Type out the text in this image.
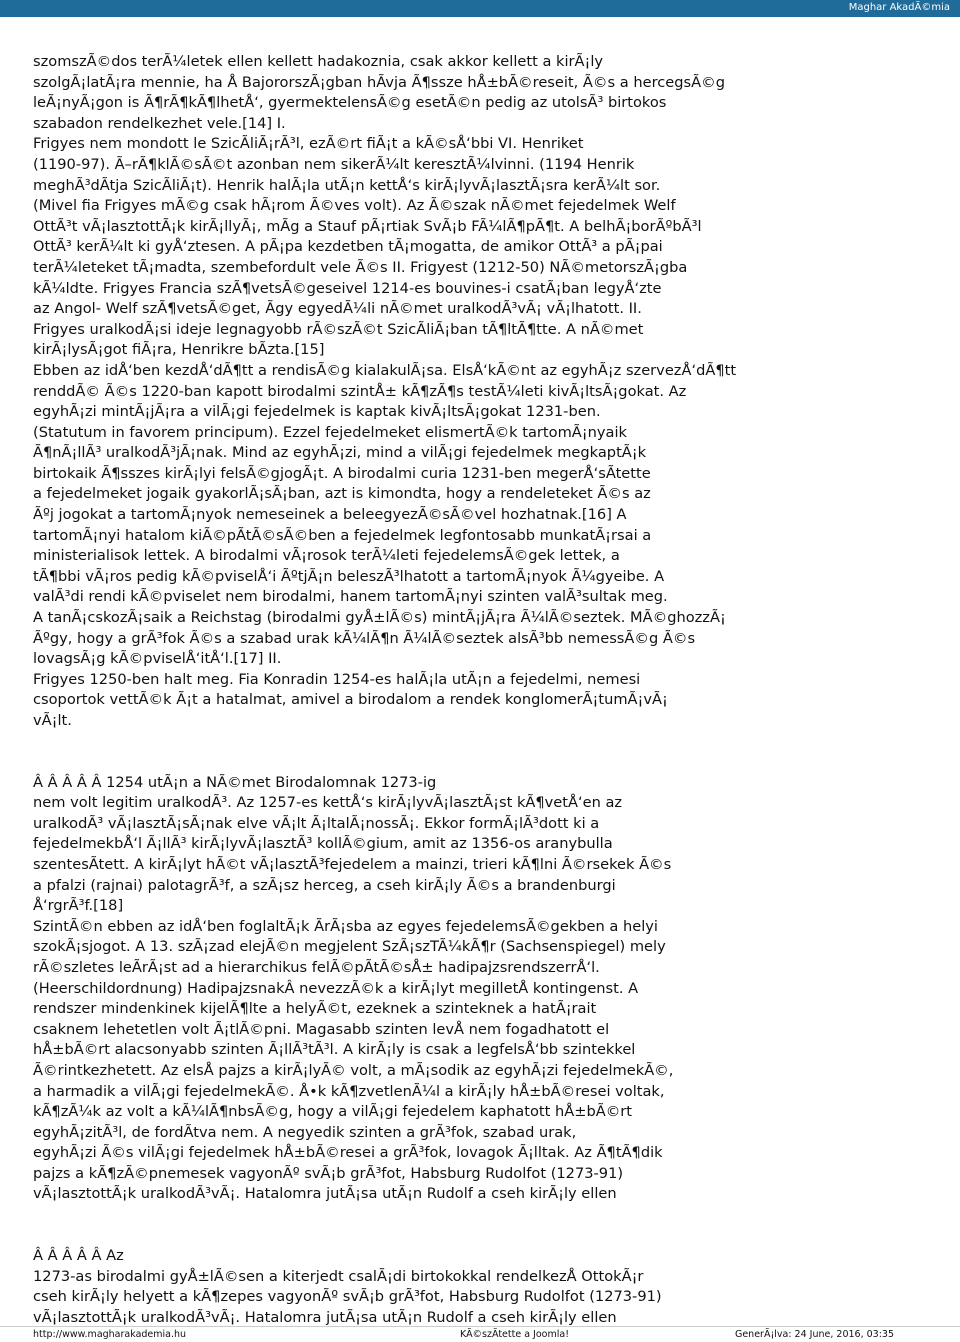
Maghar AkadÃ©mia

szomszÃ©dos terÃ¼letek ellen kellett hadakoznia, csak akkor kellett a kirÃ¡ly
szolgÃ¡latÃ¡ra mennie, ha Å BajororszÃ¡gban hÃvja Ã¶ssze hÅ±bÃ©reseit, Ã©s a hercegsÃ©g
leÃ¡nyÃ¡gon is Ã¶rÃ¶kÃ¶lhetÅ‘, gyermektelensÃ©g esetÃ©n pedig az utolsÃ³ birtokos
szabadon rendelkezhet vele.[14] I.
Frigyes nem mondott le SzicÃliÃ¡rÃ³l, ezÃ©rt fiÃ¡t a kÃ©sÅ‘bbi VI. Henriket
(1190-97). Ã–rÃ¶klÃ©sÃ©t azonban nem sikerÃ¼lt keresztÃ¼lvinni. (1194 Henrik
meghÃ³dÃtja SzicÃliÃ¡t). Henrik halÃ¡la utÃ¡n kettÅ‘s kirÃ¡lyvÃ¡lasztÃ¡sra kerÃ¼lt sor.
(Mivel fia Frigyes mÃ©g csak hÃ¡rom Ã©ves volt). Az Ã©szak nÃ©met fejedelmek Welf
OttÃ³t vÃ¡lasztottÃ¡k kirÃ¡llyÃ¡, mÃg a Stauf pÃ¡rtiak SvÃ¡b FÃ¼lÃ¶pÃ¶t. A belhÃ¡borÃºbÃ³l
OttÃ³ kerÃ¼lt ki gyÅ‘ztesen. A pÃ¡pa kezdetben tÃ¡mogatta, de amikor OttÃ³ a pÃ¡pai
terÃ¼leteket tÃ¡madta, szembefordult vele Ã©s II. Frigyest (1212-50) NÃ©metorszÃ¡gba
kÃ¼ldte. Frigyes Francia szÃ¶vetsÃ©geseivel 1214-es bouvines-i csatÃ¡ban legyÅ‘zte
az Angol- Welf szÃ¶vetsÃ©get, Ãgy egyedÃ¼li nÃ©met uralkodÃ³vÃ¡ vÃ¡lhatott. II.
Frigyes uralkodÃ¡si ideje legnagyobb rÃ©szÃ©t SzicÃliÃ¡ban tÃ¶ltÃ¶tte. A nÃ©met
kirÃ¡lysÃ¡got fiÃ¡ra, Henrikre bÃzta.[15]
Ebben az idÅ‘ben kezdÅ‘dÃ¶tt a rendisÃ©g kialakulÃ¡sa. ElsÅ‘kÃ©nt az egyhÃ¡z szervezÅ‘dÃ¶tt
renddÃ© Ã©s 1220-ban kapott birodalmi szintÅ± kÃ¶zÃ¶s testÃ¼leti kivÃ¡ltsÃ¡gokat. Az
egyhÃ¡zi mintÃ¡jÃ¡ra a vilÃ¡gi fejedelmek is kaptak kivÃ¡ltsÃ¡gokat 1231-ben.
(Statutum in favorem principum). Ezzel fejedelmeket elismertÃ©k tartomÃ¡nyaik
Ã¶nÃ¡llÃ³ uralkodÃ³jÃ¡nak. Mind az egyhÃ¡zi, mind a vilÃ¡gi fejedelmek megkaptÃ¡k
birtokaik Ã¶sszes kirÃ¡lyi felsÃ©gjogÃ¡t. A birodalmi curia 1231-ben megerÅ‘sÃtette
a fejedelmeket jogaik gyakorlÃ¡sÃ¡ban, azt is kimondta, hogy a rendeleteket Ã©s az
Ãºj jogokat a tartomÃ¡nyok nemeseinek a beleegyezÃ©sÃ©vel hozhatnak.[16] A
tartomÃ¡nyi hatalom kiÃ©pÃtÃ©sÃ©ben a fejedelmek legfontosabb munkatÃ¡rsai a
ministerialisok lettek. A birodalmi vÃ¡rosok terÃ¼leti fejedelemsÃ©gek lettek, a
tÃ¶bbi vÃ¡ros pedig kÃ©pviselÅ‘i ÃºtjÃ¡n beleszÃ³lhatott a tartomÃ¡nyok Ã¼gyeibe. A
valÃ³di rendi kÃ©pviselet nem birodalmi, hanem tartomÃ¡nyi szinten valÃ³sultak meg.
A tanÃ¡cskozÃ¡saik a Reichstag (birodalmi gyÅ±lÃ©s) mintÃ¡jÃ¡ra Ã¼lÃ©seztek. MÃ©ghozzÃ¡
Ãºgy, hogy a grÃ³fok Ã©s a szabad urak kÃ¼lÃ¶n Ã¼lÃ©seztek alsÃ³bb nemessÃ©g Ã©s
lovagsÃ¡g kÃ©pviselÅ‘itÅ‘l.[17] II.
Frigyes 1250-ben halt meg. Fia Konradin 1254-es halÃ¡la utÃ¡n a fejedelmi, nemesi
csoportok vettÃ©k Ã¡t a hatalmat, amivel a birodalom a rendek konglomerÃ¡tumÃ¡vÃ¡
vÃ¡lt.

Â Â Â Â Â 1254 utÃ¡n a NÃ©met Birodalomnak 1273-ig
nem volt legitim uralkodÃ³. Az 1257-es kettÅ‘s kirÃ¡lyvÃ¡lasztÃ¡st kÃ¶vetÅ‘en az
uralkodÃ³ vÃ¡lasztÃ¡sÃ¡nak elve vÃ¡lt Ã¡ltalÃ¡nossÃ¡. Ekkor formÃ¡lÃ³dott ki a
fejedelmekbÅ‘l Ã¡llÃ³ kirÃ¡lyvÃ¡lasztÃ³ kollÃ©gium, amit az 1356-os aranybulla
szentesÃtett. A kirÃ¡lyt hÃ©t vÃ¡lasztÃ³fejedelem a mainzi, trieri kÃ¶lni Ã©rsekek Ã©s
a pfalzi (rajnai) palotagrÃ³f, a szÃ¡sz herceg, a cseh kirÃ¡ly Ã©s a brandenburgi
Å‘rgrÃ³f.[18]
SzintÃ©n ebben az idÅ‘ben foglaltÃ¡k ÃrÃ¡sba az egyes fejedelemsÃ©gekben a helyi
szokÃ¡sjogot. A 13. szÃ¡zad elejÃ©n megjelent SzÃ¡szTÃ¼kÃ¶r (Sachsenspiegel) mely
rÃ©szletes leÃrÃ¡st ad a hierarchikus felÃ©pÃtÃ©sÅ± hadipajzsrendszerrÅ‘l.
(Heerschildordnung) HadipajzsnakÂ nevezzÃ©k a kirÃ¡lyt megilletÅ kontingenst. A
rendszer mindenkinek kijelÃ¶lte a helyÃ©t, ezeknek a szinteknek a hatÃ¡rait
csaknem lehetetlen volt Ã¡tlÃ©pni. Magasabb szinten levÅ nem fogadhatott el
hÅ±bÃ©rt alacsonyabb szinten Ã¡llÃ³tÃ³l. A kirÃ¡ly is csak a legfelsÅ‘bb szintekkel
Ã©rintkezhetett. Az elsÅ pajzs a kirÃ¡lyÃ© volt, a mÃ¡sodik az egyhÃ¡zi fejedelmekÃ©,
a harmadik a vilÃ¡gi fejedelmekÃ©. Å•k kÃ¶zvetlenÃ¼l a kirÃ¡ly hÅ±bÃ©resei voltak,
kÃ¶zÃ¼k az volt a kÃ¼lÃ¶nbsÃ©g, hogy a vilÃ¡gi fejedelem kaphatott hÅ±bÃ©rt
egyhÃ¡zitÃ³l, de fordÃtva nem. A negyedik szinten a grÃ³fok, szabad urak,
egyhÃ¡zi Ã©s vilÃ¡gi fejedelmek hÅ±bÃ©resei a grÃ³fok, lovagok Ã¡lltak. Az Ã¶tÃ¶dik
pajzs a kÃ¶zÃ©pnemesek vagyonÃº svÃ¡b grÃ³fot, Habsburg Rudolfot (1273-91)
vÃ¡lasztottÃ¡k uralkodÃ³vÃ¡. Hatalomra jutÃ¡sa utÃ¡n Rudolf a cseh kirÃ¡ly ellen

Â Â Â Â Â Az
1273-as birodalmi gyÅ±lÃ©sen a kiterjedt csalÃ¡di birtokokkal rendelkezÅ OttokÃ¡r
cseh kirÃ¡ly helyett a kÃ¶zepes vagyonÃº svÃ¡b grÃ³fot, Habsburg Rudolfot (1273-91)
vÃ¡lasztottÃ¡k uralkodÃ³vÃ¡. Hatalomra jutÃ¡sa utÃ¡n Rudolf a cseh kirÃ¡ly ellen

http://www.magharakademia.hu	KÃ©szÃtette a Joomla!	GenerÃ¡lva: 24 June, 2016, 03:35
